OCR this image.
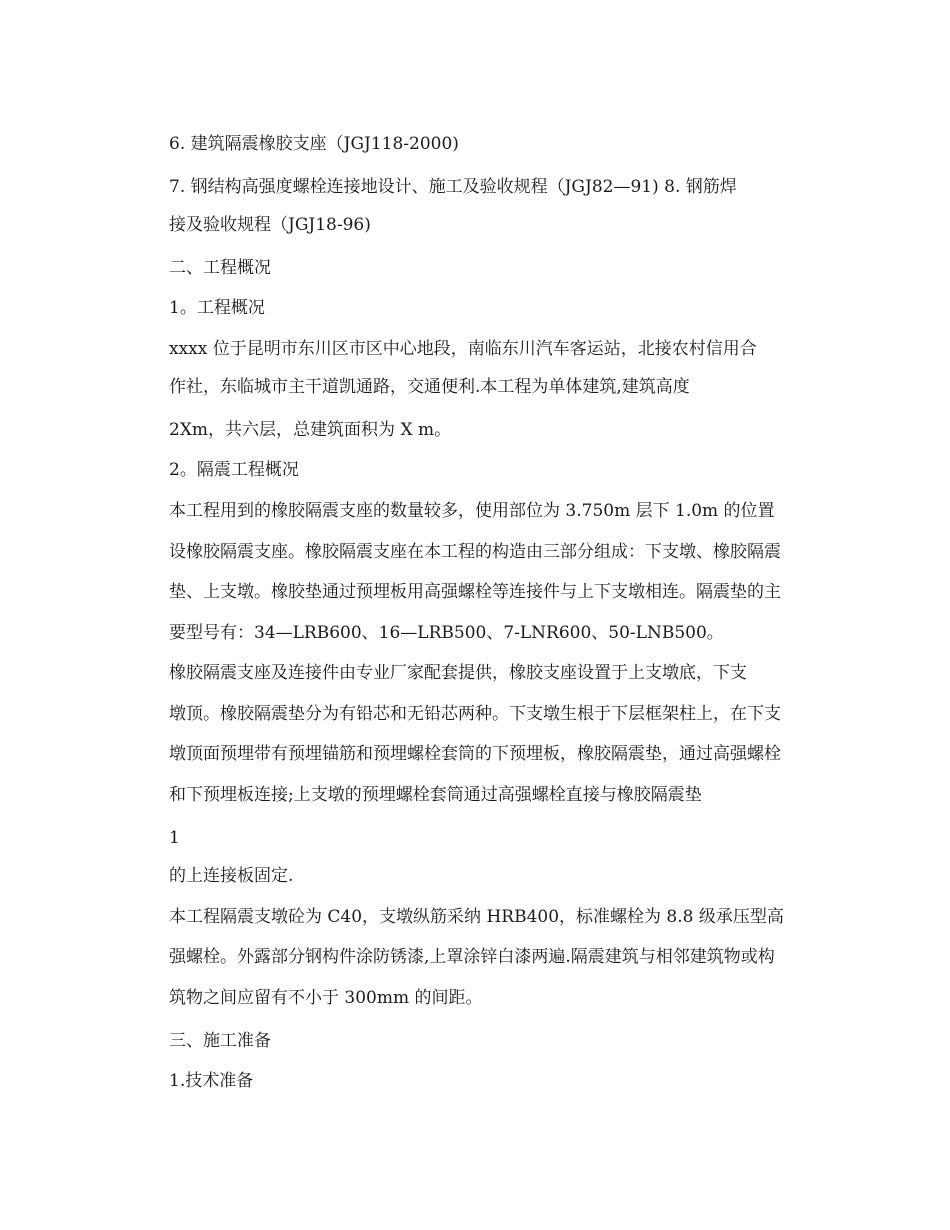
6. 建筑隔震橡胶支座（JGJ118-2000)
7. 钢结构高强度螺栓连接地设计、施工及验收规程（JGJ82—91) 8. 钢筋焊
接及验收规程（JGJ18-96)
二、工程概况
1。工程概况
xxxx 位于昆明市东川区市区中心地段，南临东川汽车客运站，北接农村信用合
作社，东临城市主干道凯通路，交通便利.本工程为单体建筑,建筑高度
2Xm，共六层，总建筑面积为 X m。
2。隔震工程概况
本工程用到的橡胶隔震支座的数量较多，使用部位为 3.750m 层下 1.0m 的位置
设橡胶隔震支座。橡胶隔震支座在本工程的构造由三部分组成：下支墩、橡胶隔震
垫、上支墩。橡胶垫通过预埋板用高强螺栓等连接件与上下支墩相连。隔震垫的主
要型号有：34—LRB600、16—LRB500、7-LNR600、50-LNB500。
橡胶隔震支座及连接件由专业厂家配套提供，橡胶支座设置于上支墩底，下支
墩顶。橡胶隔震垫分为有铅芯和无铅芯两种。下支墩生根于下层框架柱上，在下支
墩顶面预埋带有预埋锚筋和预埋螺栓套筒的下预埋板，橡胶隔震垫，通过高强螺栓
和下预埋板连接;上支墩的预埋螺栓套筒通过高强螺栓直接与橡胶隔震垫
1
的上连接板固定.
本工程隔震支墩砼为 C40，支墩纵筋采纳 HRB400，标准螺栓为 8.8 级承压型高
强螺栓。外露部分钢构件涂防锈漆,上罩涂锌白漆两遍.隔震建筑与相邻建筑物或构
筑物之间应留有不小于 300mm 的间距。
三、施工准备
1.技术准备
